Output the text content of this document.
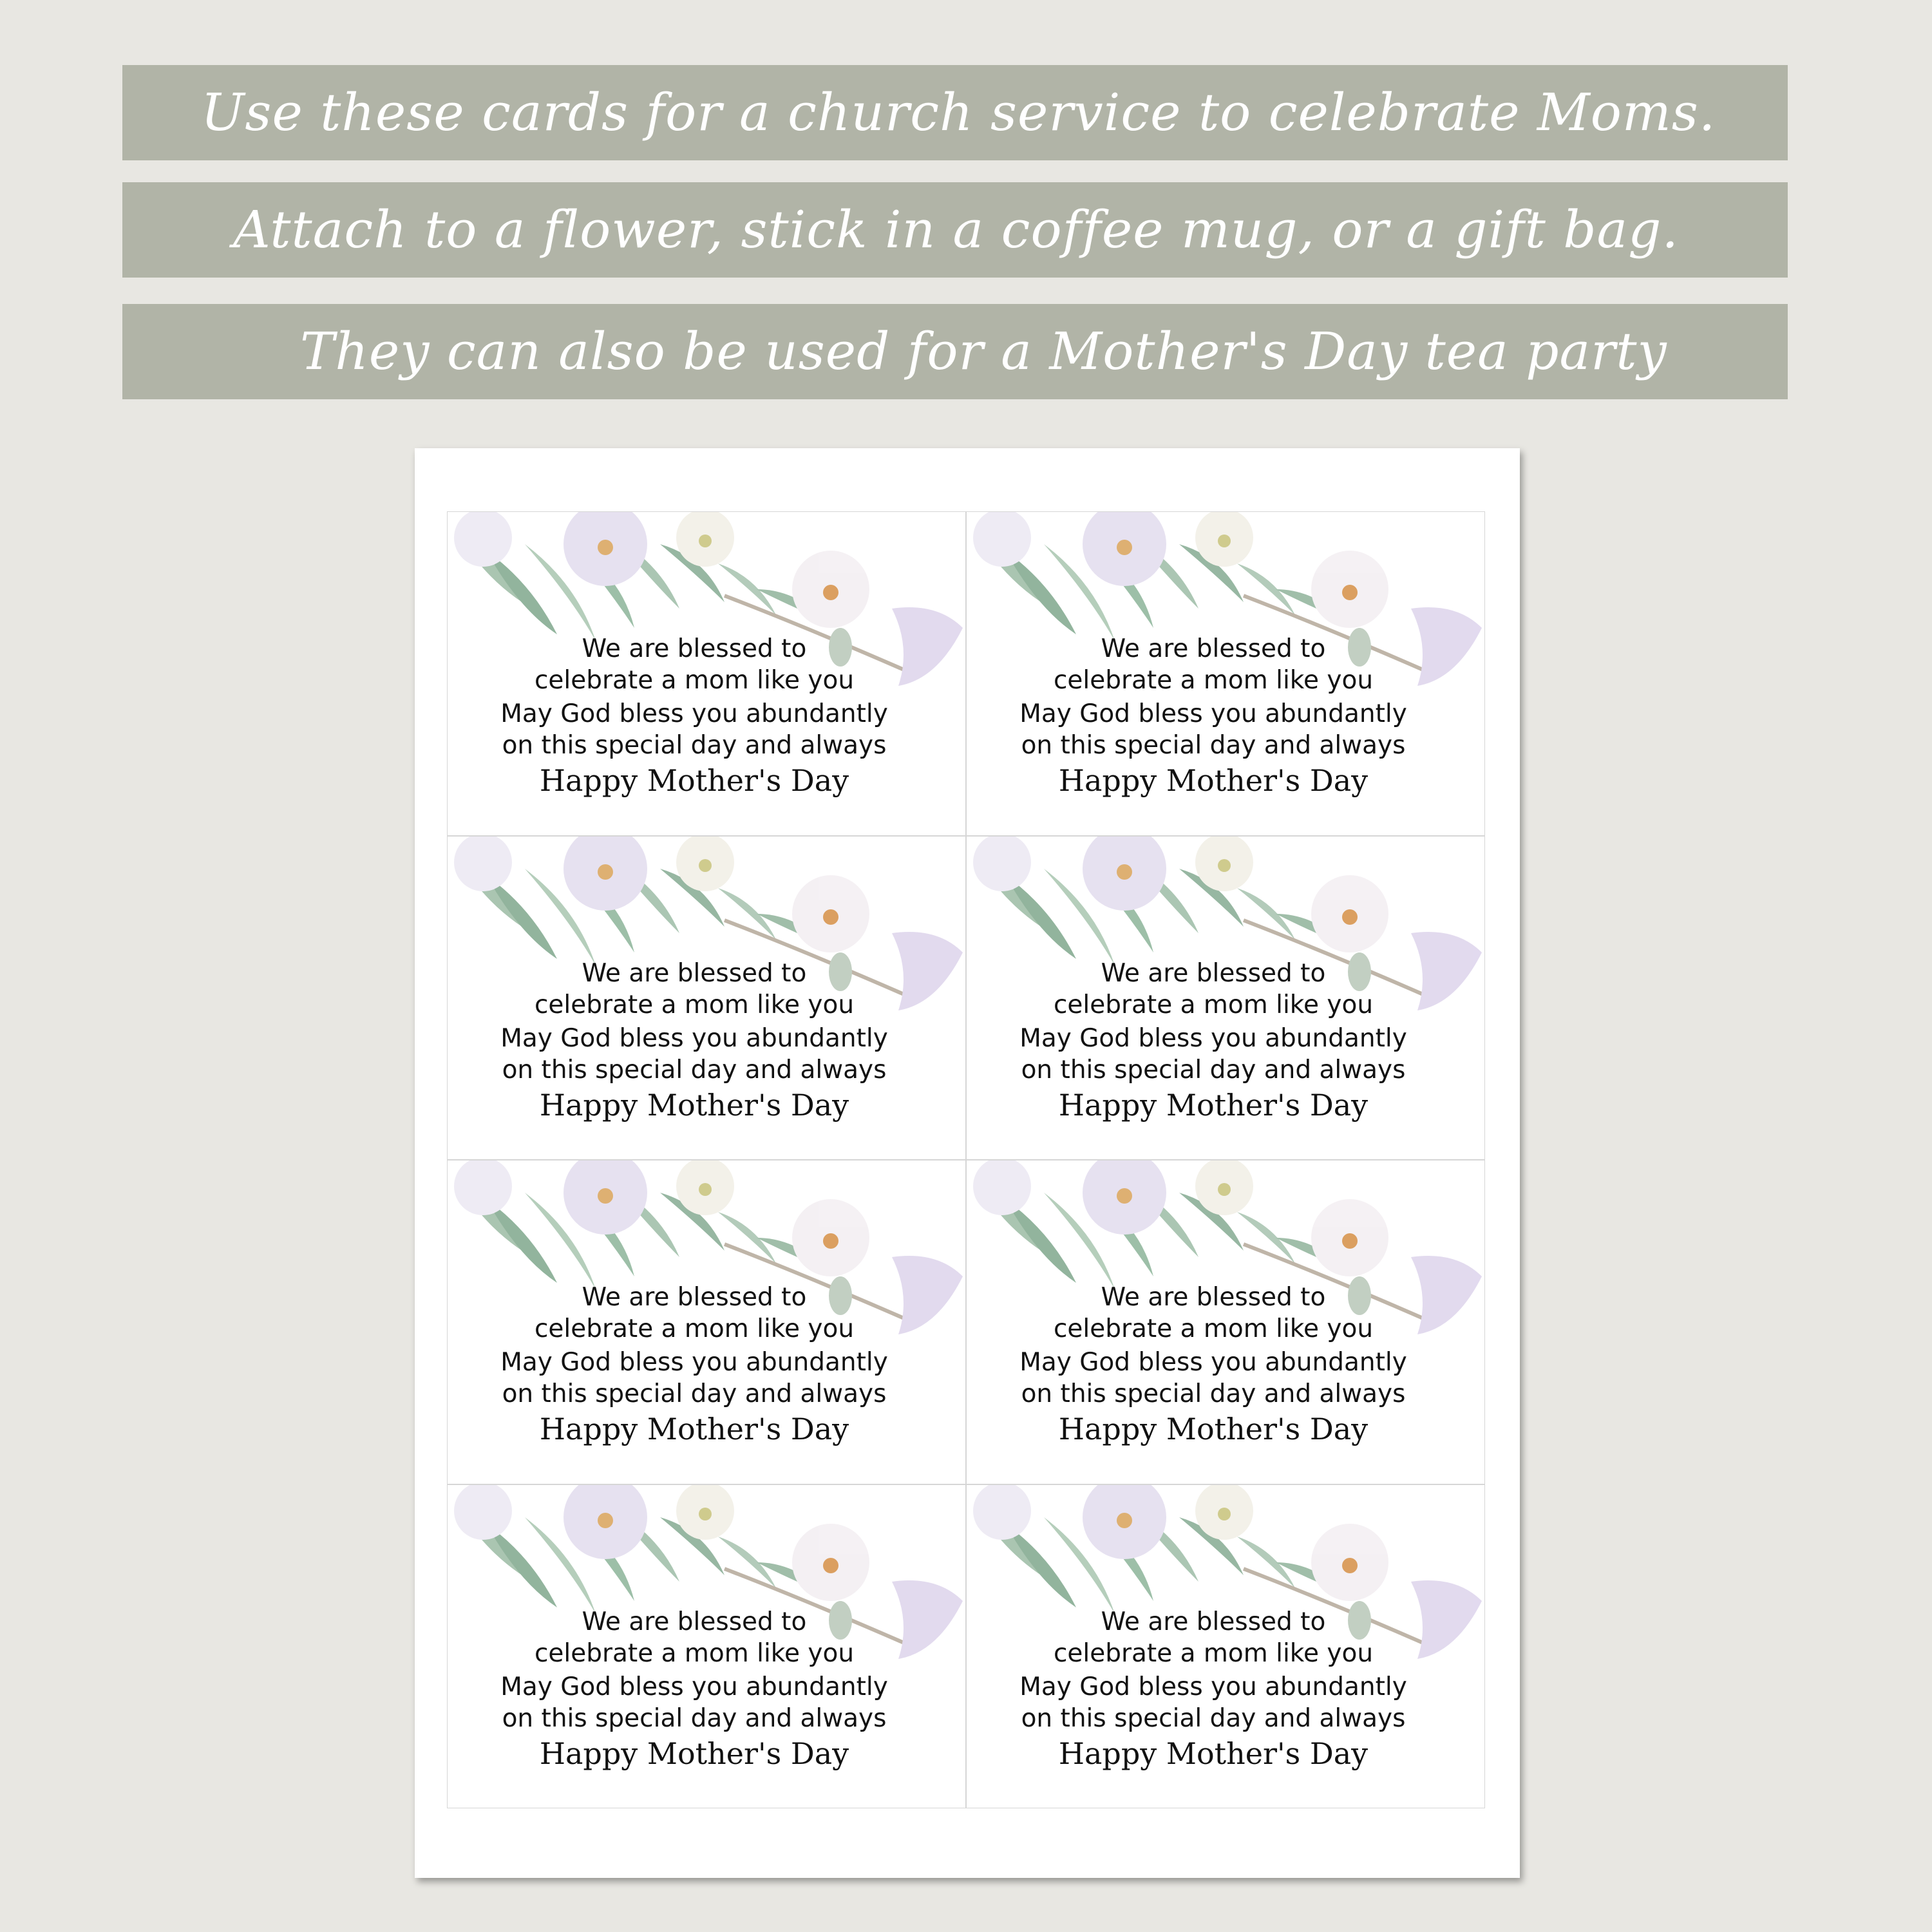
Use these cards for a church service to celebrate Moms.
Attach to a flower, stick in a coffee mug, or a gift bag.
They can also be used for a Mother's Day tea party
We are blessed to
celebrate a mom like you
May God bless you abundantly
on this special day and always
Happy Mother's Day
We are blessed to
celebrate a mom like you
May God bless you abundantly
on this special day and always
Happy Mother's Day
We are blessed to
celebrate a mom like you
May God bless you abundantly
on this special day and always
Happy Mother's Day
We are blessed to
celebrate a mom like you
May God bless you abundantly
on this special day and always
Happy Mother's Day
We are blessed to
celebrate a mom like you
May God bless you abundantly
on this special day and always
Happy Mother's Day
We are blessed to
celebrate a mom like you
May God bless you abundantly
on this special day and always
Happy Mother's Day
We are blessed to
celebrate a mom like you
May God bless you abundantly
on this special day and always
Happy Mother's Day
We are blessed to
celebrate a mom like you
May God bless you abundantly
on this special day and always
Happy Mother's Day
